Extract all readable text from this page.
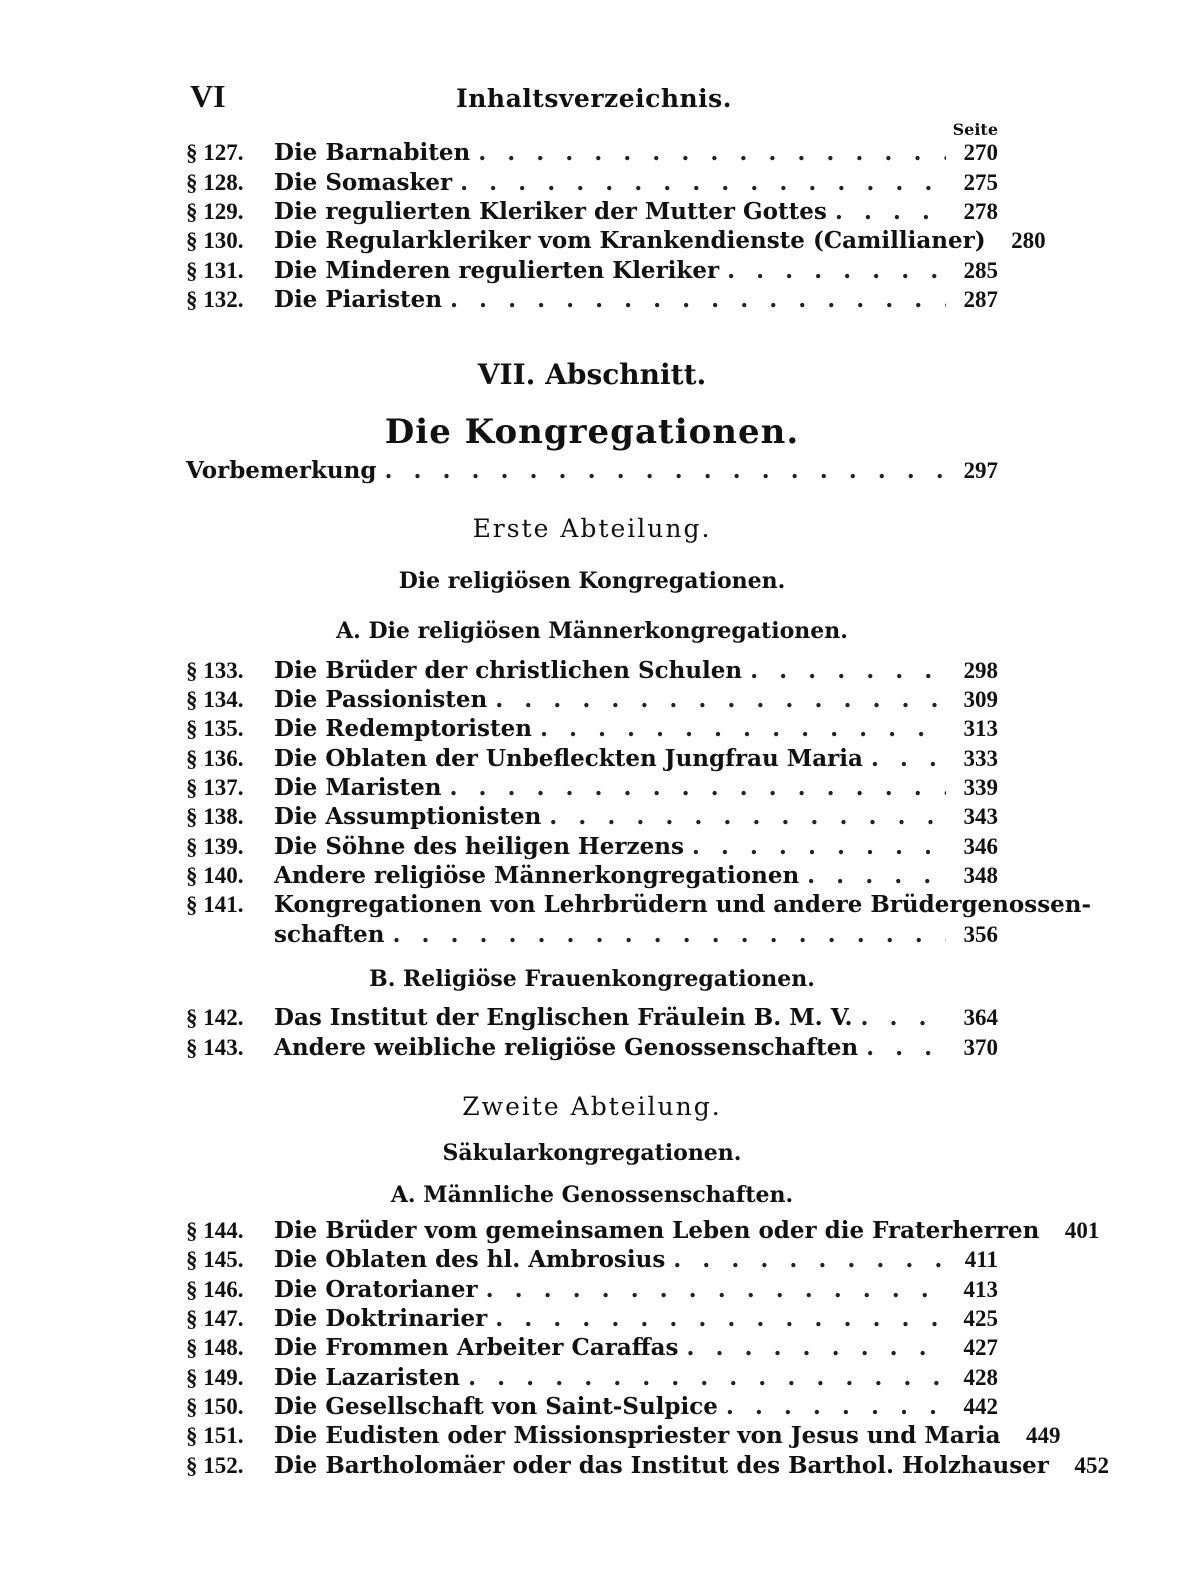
VI	Inhaltsverzeichnis.
Seite
§ 127.	Die Barnabiten . . .	270
§ 128.	Die Somasker . . .	275
§ 129.	Die regulierten Kleriker der Mutter Gottes . . .	278
§ 130.	Die Regularkleriker vom Krankendienste (Camillianer)	280
§ 131.	Die Minderen regulierten Kleriker . . .	285
§ 132.	Die Piaristen . . .	287
VII. Abschnitt.
Die Kongregationen.
Vorbemerkung . . .	297
Erste Abteilung.
Die religiösen Kongregationen.
A. Die religiösen Männerkongregationen.
§ 133.	Die Brüder der christlichen Schulen . . .	298
§ 134.	Die Passionisten . . .	309
§ 135.	Die Redemptoristen . . .	313
§ 136.	Die Oblaten der Unbefleckten Jungfrau Maria . . .	333
§ 137.	Die Maristen . . .	339
§ 138.	Die Assumptionisten . . .	343
§ 139.	Die Söhne des heiligen Herzens . . .	346
§ 140.	Andere religiöse Männerkongregationen . . .	348
§ 141.	Kongregationen von Lehrbrüdern und andere Brüdergenossen-
schaften . . .	356
B. Religiöse Frauenkongregationen.
§ 142.	Das Institut der Englischen Fräulein B. M. V. . . .	364
§ 143.	Andere weibliche religiöse Genossenschaften . . .	370
Zweite Abteilung.
Säkularkongregationen.
A. Männliche Genossenschaften.
§ 144.	Die Brüder vom gemeinsamen Leben oder die Fraterherren	401
§ 145.	Die Oblaten des hl. Ambrosius . . .	411
§ 146.	Die Oratorianer . . .	413
§ 147.	Die Doktrinarier . . .	425
§ 148.	Die Frommen Arbeiter Caraffas . . .	427
§ 149.	Die Lazaristen . . .	428
§ 150.	Die Gesellschaft von Saint-Sulpice . . .	442
§ 151.	Die Eudisten oder Missionspriester von Jesus und Maria	449
§ 152.	Die Bartholomäer oder das Institut des Barthol. Holzhauser	452
